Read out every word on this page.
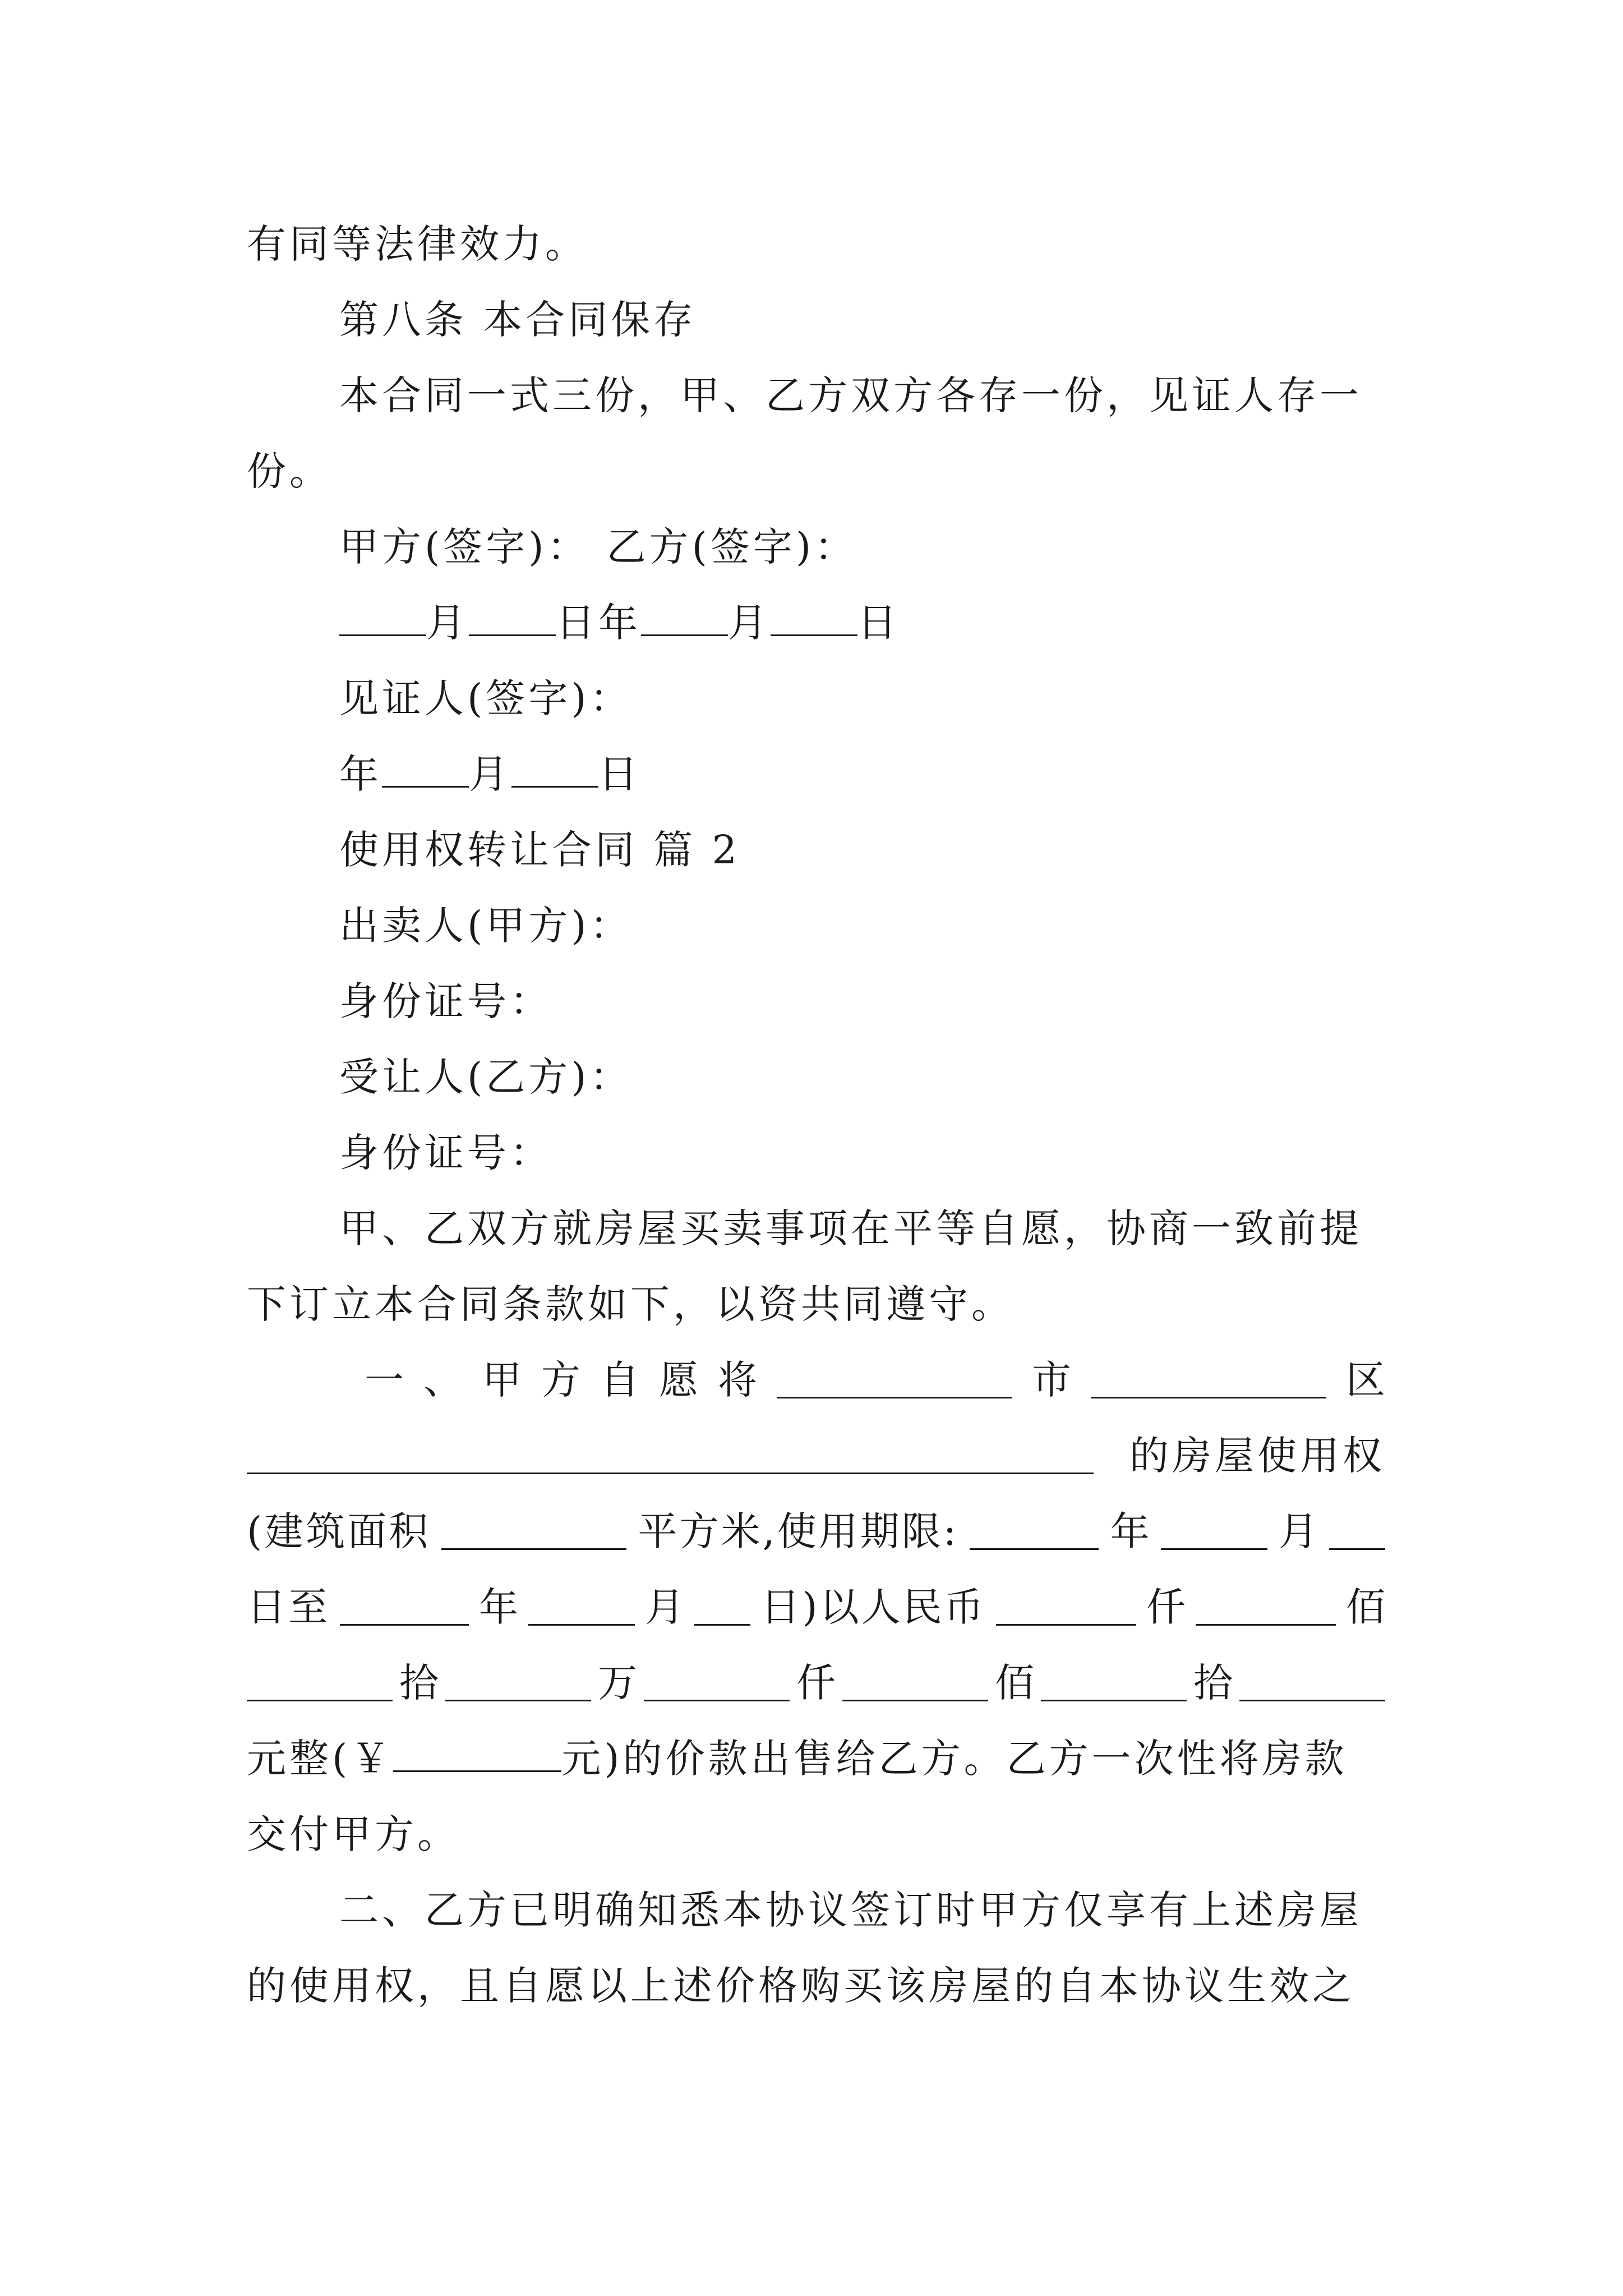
有同等法律效力。
第八条 本合同保存
本合同一式三份，甲、乙方双方各存一份，见证人存一
份。
甲方(签字)： 乙方(签字)：
月 日年 月 日
见证人(签字)：
年 月 日
使用权转让合同 篇 2
出卖人(甲方)：
身份证号：
受让人(乙方)：
身份证号：
甲、乙双方就房屋买卖事项在平等自愿，协商一致前提
下订立本合同条款如下，以资共同遵守。
一 、 甲 方 自 愿 将	市	区
的房屋使用权
(建筑面积	平方米,使用期限:	年	月
日至	年	月 日)以人民币	仟	佰
拾	万	仟	佰	拾
元整(￥	元)的价款出售给乙方。乙方一次性将房款
交付甲方。
二、乙方已明确知悉本协议签订时甲方仅享有上述房屋
的使用权，且自愿以上述价格购买该房屋的自本协议生效之
